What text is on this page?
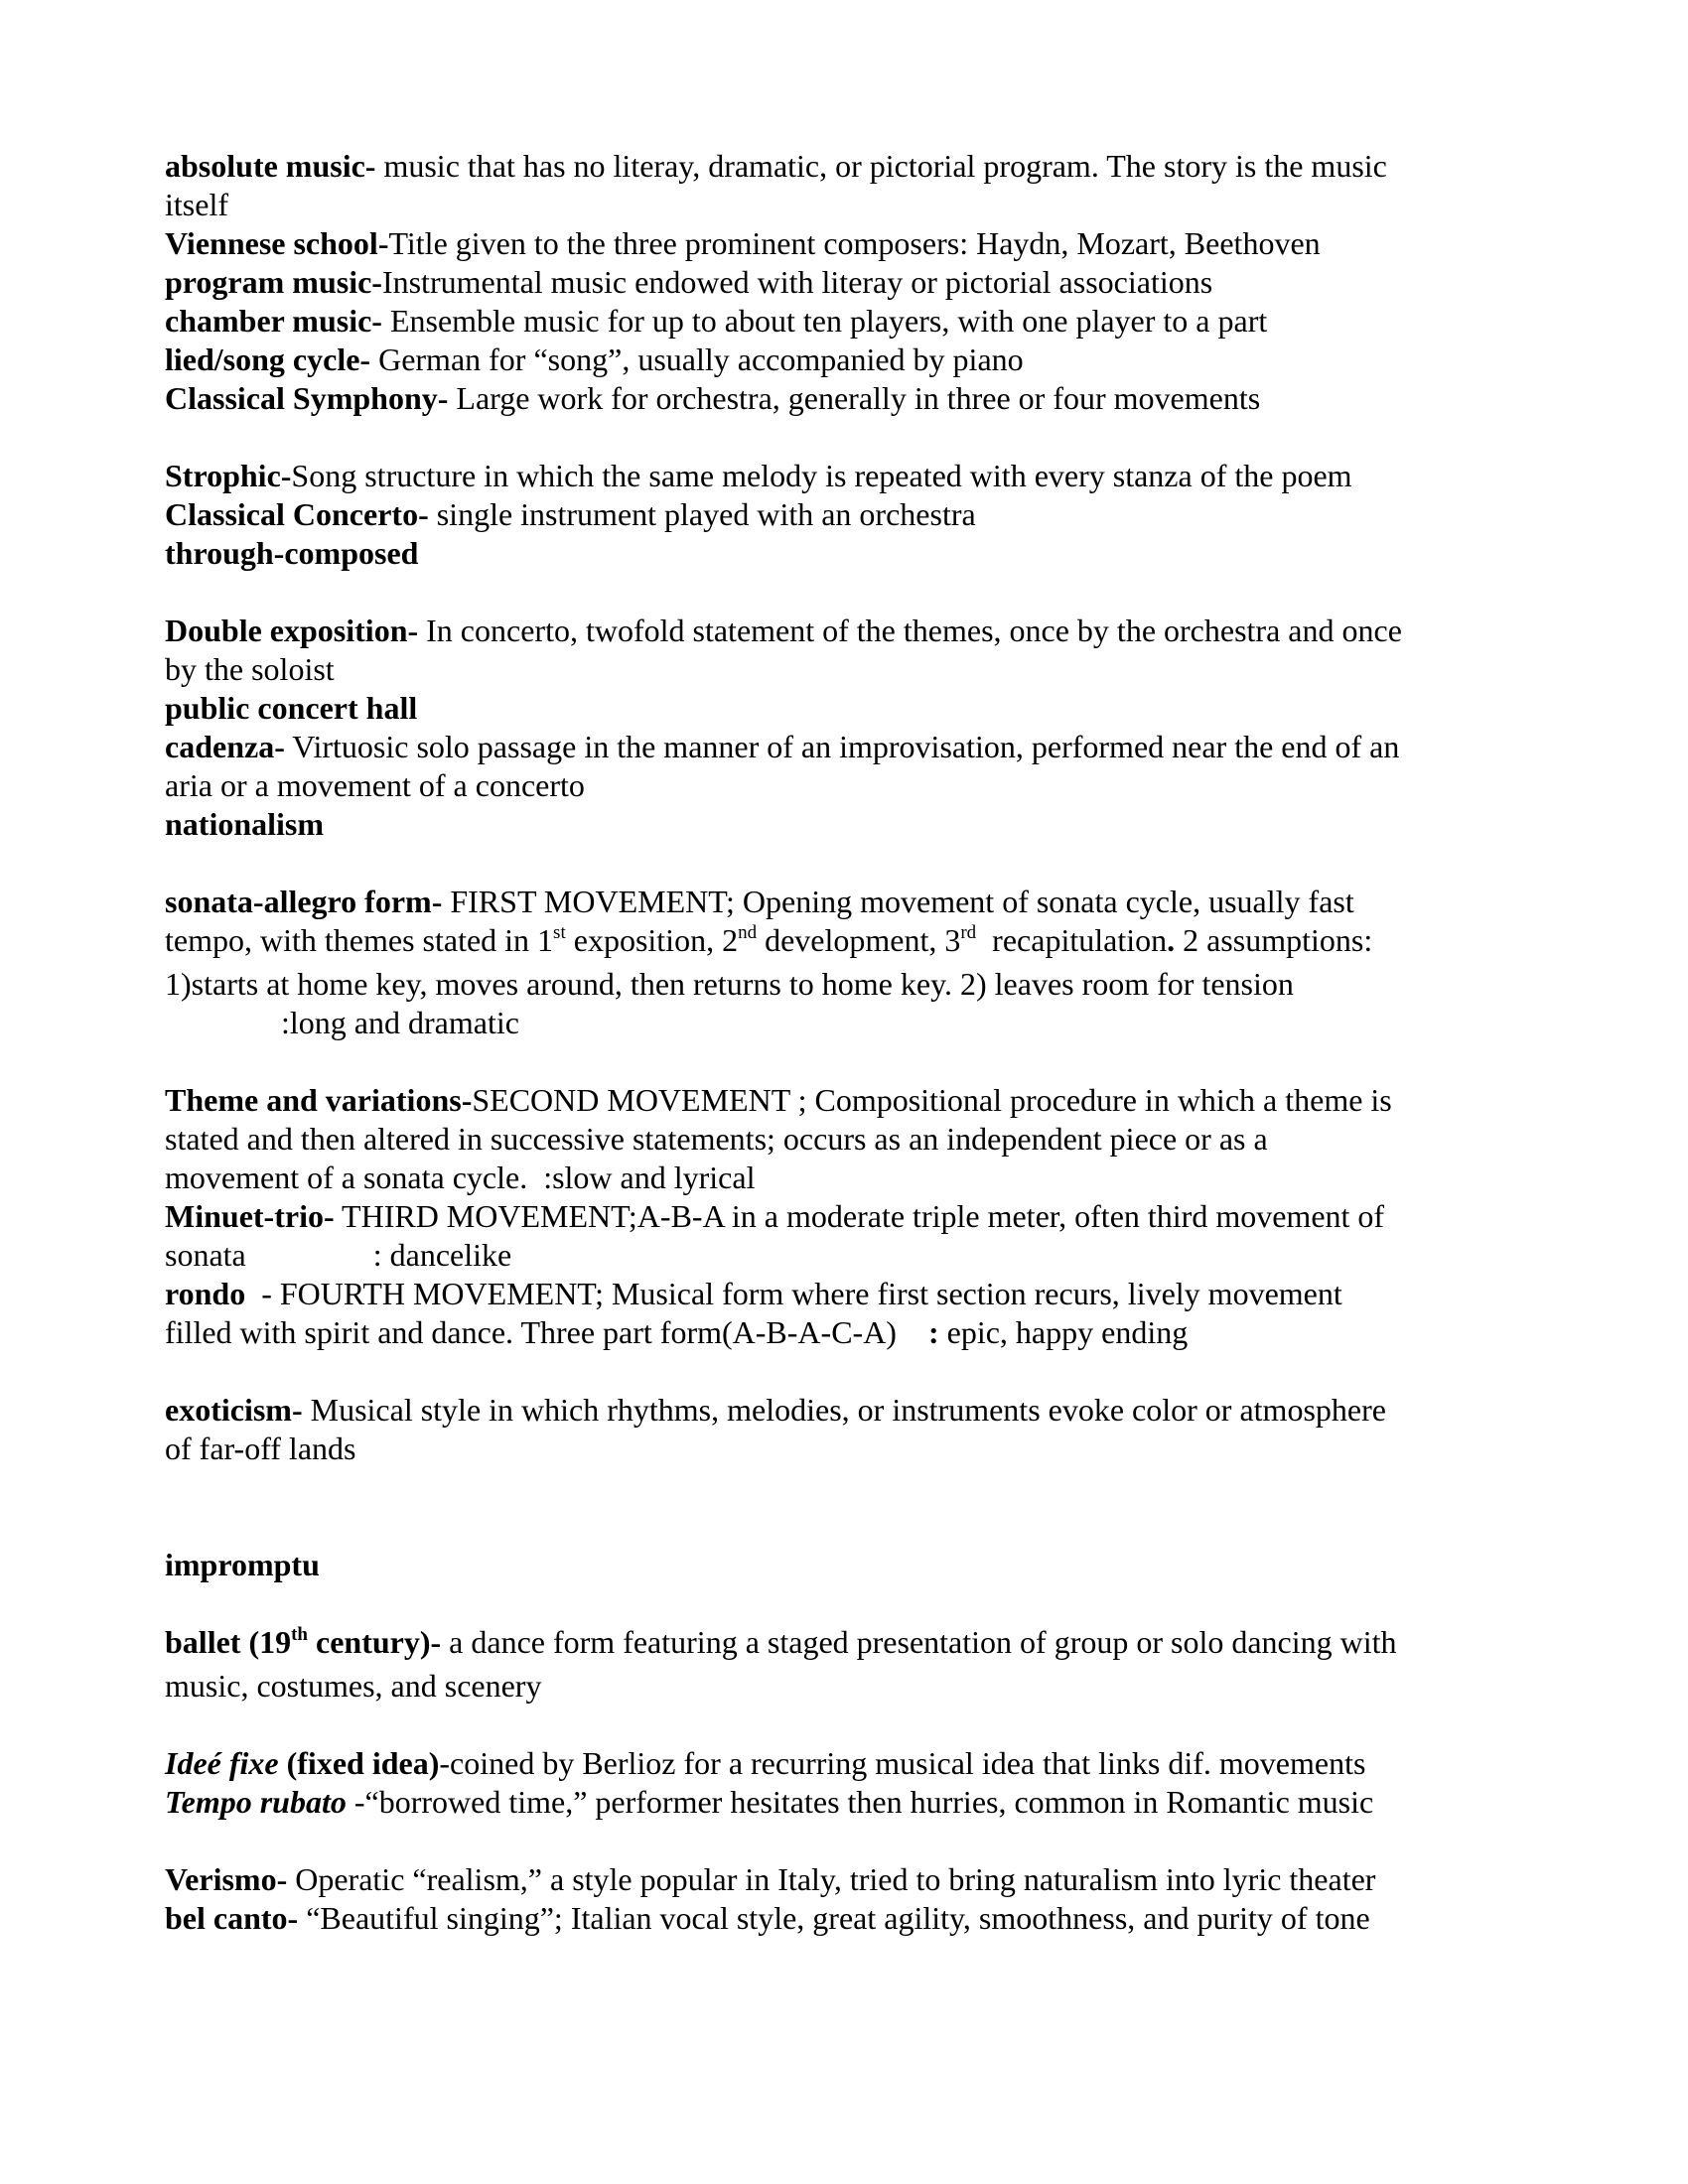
absolute music- music that has no literay, dramatic, or pictorial program. The story is the music
itself
Viennese school-Title given to the three prominent composers: Haydn, Mozart, Beethoven
program music-Instrumental music endowed with literay or pictorial associations
chamber music- Ensemble music for up to about ten players, with one player to a part
lied/song cycle- German for “song”, usually accompanied by piano
Classical Symphony- Large work for orchestra, generally in three or four movements
Strophic-Song structure in which the same melody is repeated with every stanza of the poem
Classical Concerto- single instrument played with an orchestra
through-composed
Double exposition- In concerto, twofold statement of the themes, once by the orchestra and once
by the soloist
public concert hall
cadenza- Virtuosic solo passage in the manner of an improvisation, performed near the end of an
aria or a movement of a concerto
nationalism
sonata-allegro form- FIRST MOVEMENT; Opening movement of sonata cycle, usually fast
tempo, with themes stated in 1st exposition, 2nd development, 3rd  recapitulation. 2 assumptions:
1)starts at home key, moves around, then returns to home key. 2) leaves room for tension
:long and dramatic
Theme and variations-SECOND MOVEMENT ; Compositional procedure in which a theme is
stated and then altered in successive statements; occurs as an independent piece or as a
movement of a sonata cycle.  :slow and lyrical
Minuet-trio- THIRD MOVEMENT;A-B-A in a moderate triple meter, often third movement of
sonata                : dancelike
rondo  - FOURTH MOVEMENT; Musical form where first section recurs, lively movement
filled with spirit and dance. Three part form(A-B-A-C-A)    : epic, happy ending
exoticism- Musical style in which rhythms, melodies, or instruments evoke color or atmosphere
of far-off lands
impromptu
ballet (19th century)- a dance form featuring a staged presentation of group or solo dancing with
music, costumes, and scenery
Ideé fixe (fixed idea)-coined by Berlioz for a recurring musical idea that links dif. movements
Tempo rubato -“borrowed time,” performer hesitates then hurries, common in Romantic music
Verismo- Operatic “realism,” a style popular in Italy, tried to bring naturalism into lyric theater
bel canto- “Beautiful singing”; Italian vocal style, great agility, smoothness, and purity of tone
